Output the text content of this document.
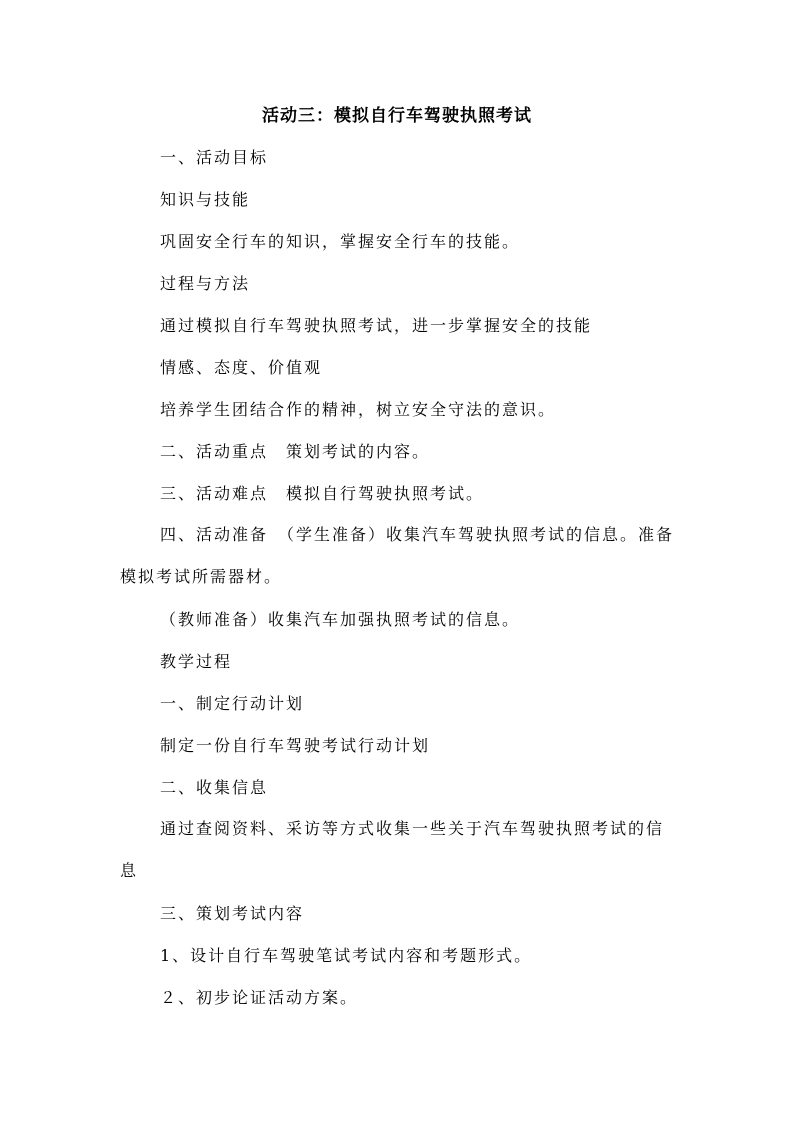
活动三：模拟自行车驾驶执照考试
一、活动目标
知识与技能
巩固安全行车的知识，掌握安全行车的技能。
过程与方法
通过模拟自行车驾驶执照考试，进一步掌握安全的技能
情感、态度、价值观
培养学生团结合作的精神，树立安全守法的意识。
二、活动重点　策划考试的内容。
三、活动难点　模拟自行驾驶执照考试。
四、活动准备　（学生准备）收集汽车驾驶执照考试的信息。准备模拟考试所需器材。
（教师准备）收集汽车加强执照考试的信息。
教学过程
一、制定行动计划
制定一份自行车驾驶考试行动计划
二、收集信息
通过查阅资料、采访等方式收集一些关于汽车驾驶执照考试的信息
三、策划考试内容
1、设计自行车驾驶笔试考试内容和考题形式。
２、初步论证活动方案。
